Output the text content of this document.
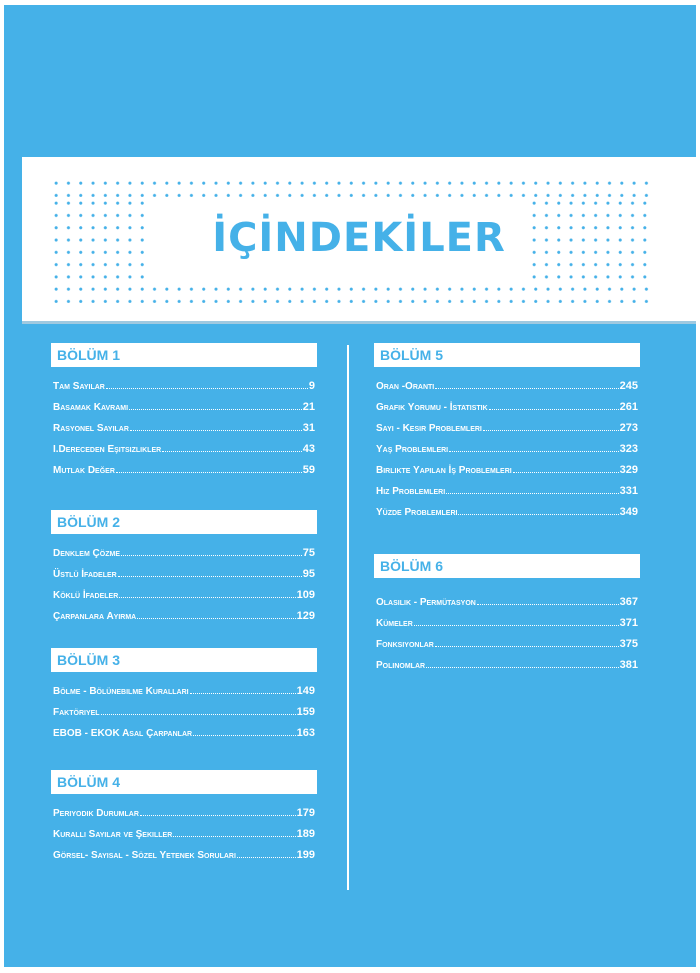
İÇİNDEKİLER
BÖLÜM 1
Tam Sayılar	9
Basamak Kavramı	21
Rasyonel Sayılar	31
I.Dereceden Eşitsizlikler	43
Mutlak Değer	59
BÖLÜM 2
Denklem Çözme	75
Üstlü İfadeler	95
Köklü İfadeler	109
Çarpanlara Ayırma	129
BÖLÜM 3
Bölme - Bölünebilme Kuralları	149
Faktöriyel	159
EBOB - EKOK Asal Çarpanlar	163
BÖLÜM 4
Periyodik Durumlar	179
Kurallı Sayılar ve Şekiller	189
Görsel- Sayısal - Sözel Yetenek Soruları	199
BÖLÜM 5
Oran -Orantı	245
Grafik Yorumu - İstatistik	261
Sayı - Kesir Problemleri	273
Yaş Problemleri	323
Birlikte Yapılan İş Problemleri	329
Hız Problemleri	331
Yüzde Problemleri	349
BÖLÜM 6
Olasılık - Permütasyon	367
Kümeler	371
Fonksiyonlar	375
Polinomlar	381
